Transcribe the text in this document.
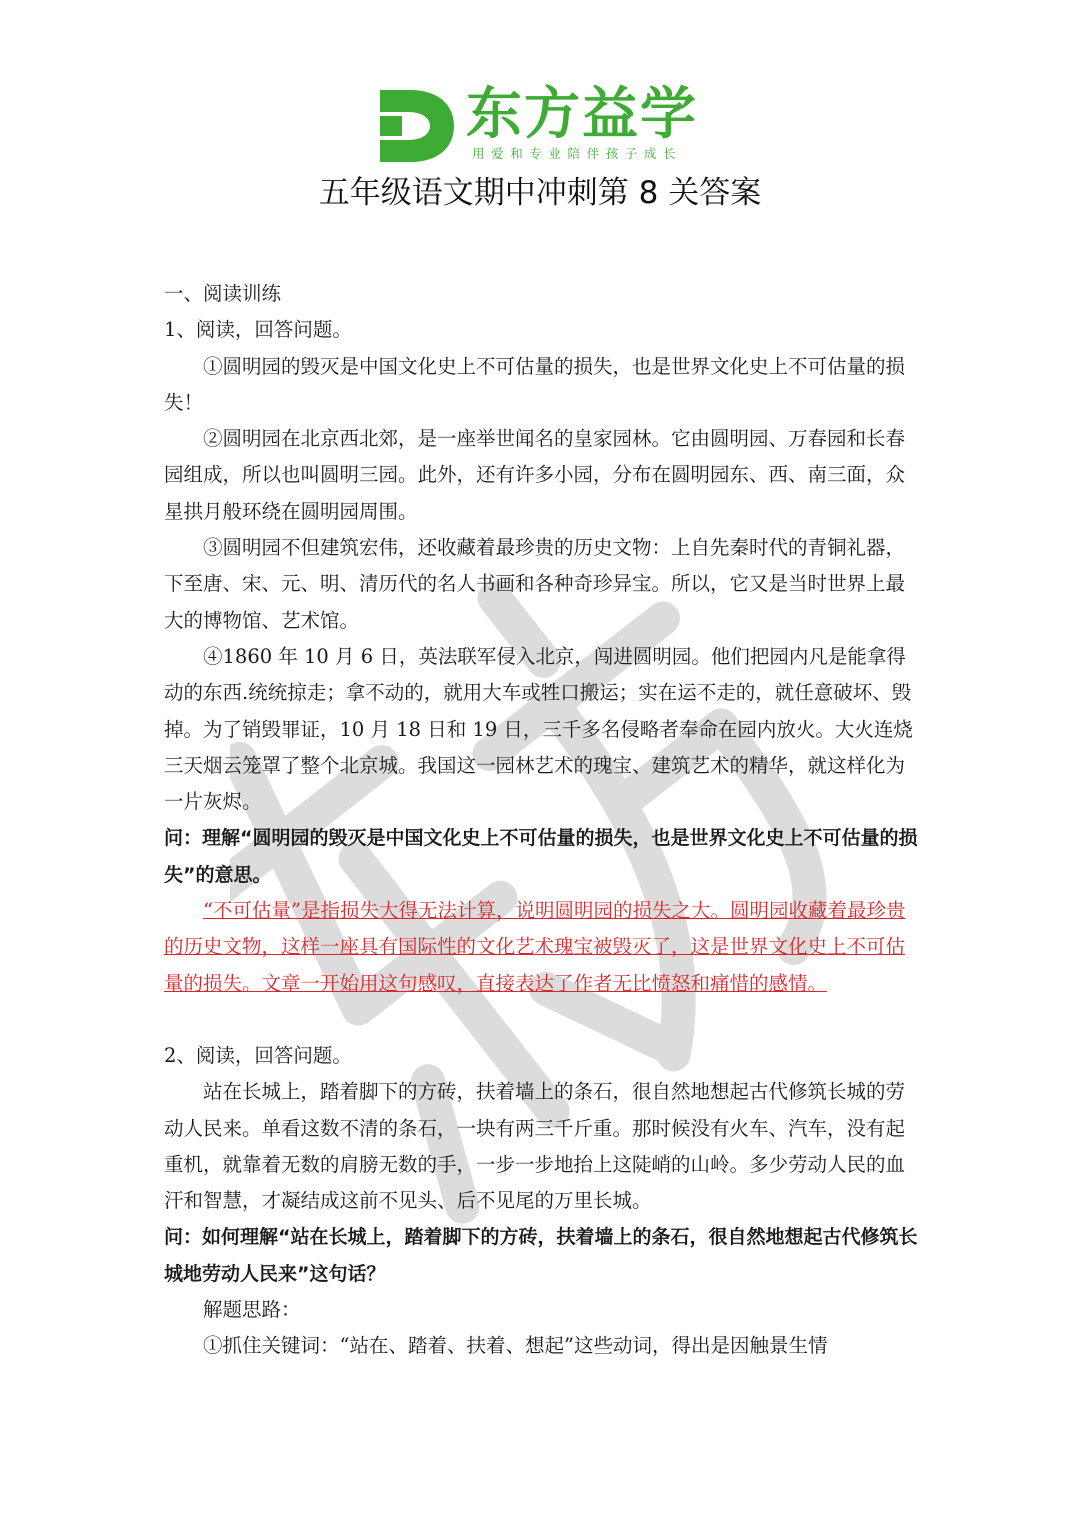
东方益学
用爱和专业陪伴孩子成长
五年级语文期中冲刺第 8 关答案

一、阅读训练

1、阅读，回答问题。

①圆明园的毁灭是中国文化史上不可估量的损失，也是世界文化史上不可估量的损失！

②圆明园在北京西北郊，是一座举世闻名的皇家园林。它由圆明园、万春园和长春园组成，所以也叫圆明三园。此外，还有许多小园，分布在圆明园东、西、南三面，众星拱月般环绕在圆明园周围。

③圆明园不但建筑宏伟，还收藏着最珍贵的历史文物：上自先秦时代的青铜礼器，下至唐、宋、元、明、清历代的名人书画和各种奇珍异宝。所以，它又是当时世界上最大的博物馆、艺术馆。

④1860 年 10 月 6 日，英法联军侵入北京，闯进圆明园。他们把园内凡是能拿得动的东西.统统掠走；拿不动的，就用大车或牲口搬运；实在运不走的，就任意破坏、毁掉。为了销毁罪证，10 月 18 日和 19 日，三千多名侵略者奉命在园内放火。大火连烧三天烟云笼罩了整个北京城。我国这一园林艺术的瑰宝、建筑艺术的精华，就这样化为一片灰烬。

问：理解“圆明园的毁灭是中国文化史上不可估量的损失，也是世界文化史上不可估量的损失”的意思。

“不可估量”是指损失大得无法计算，说明圆明园的损失之大。圆明园收藏着最珍贵的历史文物，这样一座具有国际性的文化艺术瑰宝被毁灭了，这是世界文化史上不可估量的损失。文章一开始用这句感叹，直接表达了作者无比愤怒和痛惜的感情。

2、阅读，回答问题。

站在长城上，踏着脚下的方砖，扶着墙上的条石，很自然地想起古代修筑长城的劳动人民来。单看这数不清的条石，一块有两三千斤重。那时候没有火车、汽车，没有起重机，就靠着无数的肩膀无数的手，一步一步地抬上这陡峭的山岭。多少劳动人民的血汗和智慧，才凝结成这前不见头、后不见尾的万里长城。

问：如何理解“站在长城上，踏着脚下的方砖，扶着墙上的条石，很自然地想起古代修筑长城地劳动人民来”这句话？

解题思路：

①抓住关键词：“站在、踏着、扶着、想起”这些动词，得出是因触景生情
